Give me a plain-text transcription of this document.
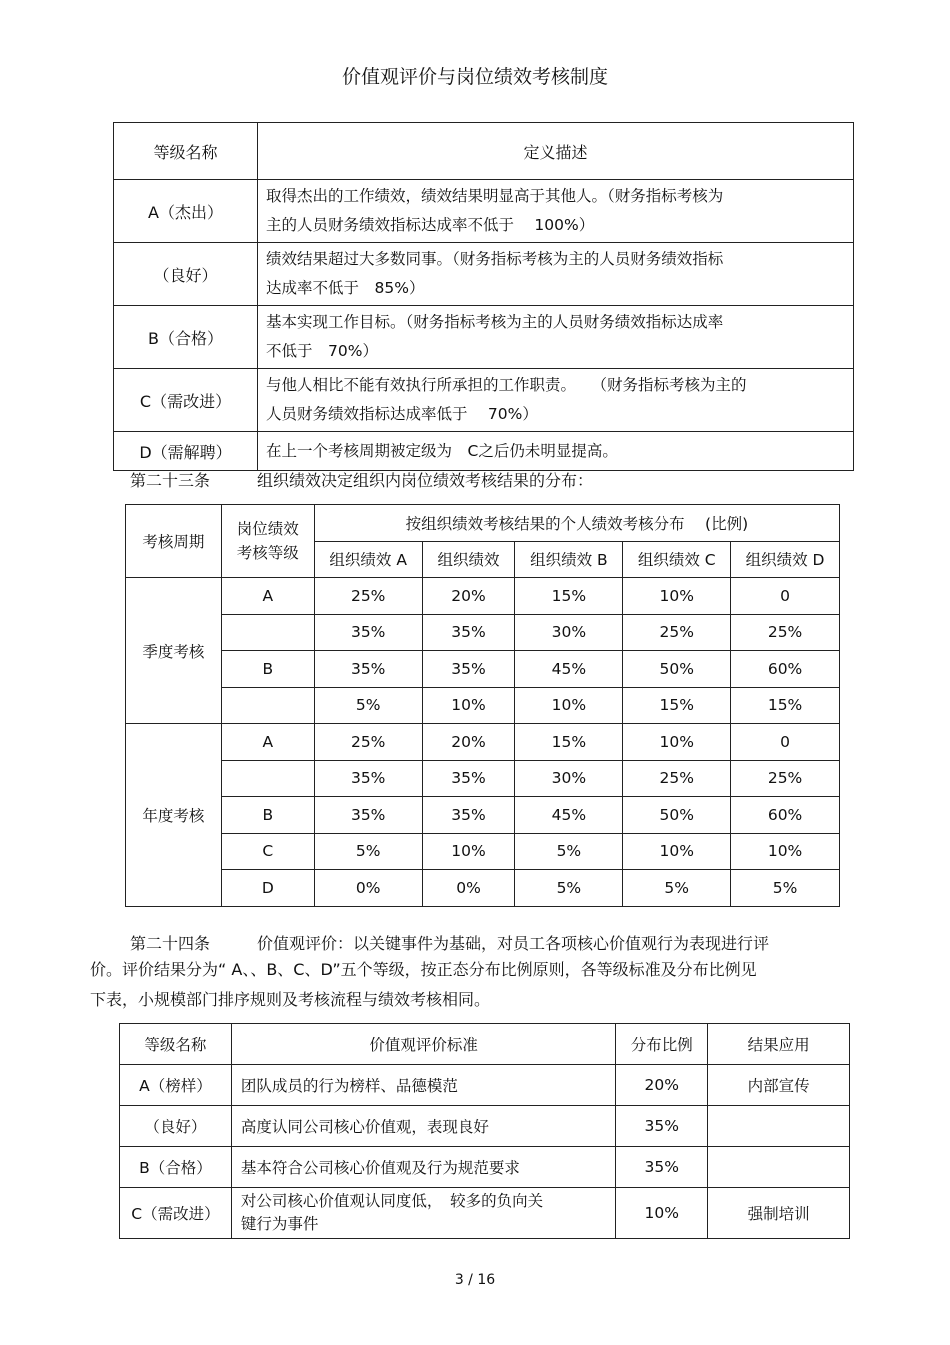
价值观评价与岗位绩效考核制度
等级名称	定义描述
A（杰出）	取得杰出的工作绩效，绩效结果明显高于其他人。（财务指标考核为
主的人员财务绩效指标达成率不低于　 100%）

（良好）	绩效结果超过大多数同事。（财务指标考核为主的人员财务绩效指标
达成率不低于　85%）

B（合格）	基本实现工作目标。（财务指标考核为主的人员财务绩效指标达成率
不低于　70%）

C（需改进）	与他人相比不能有效执行所承担的工作职责。　　（财务指标考核为主的
人员财务绩效指标达成率低于　 70%）

D（需解聘）	在上一个考核周期被定级为　C之后仍未明显提高。
第二十三条	组织绩效决定组织内岗位绩效考核结果的分布：
考核周期	岗位绩效考核等级	按组织绩效考核结果的个人绩效考核分布　 (比例)				
		组织绩效 A	组织绩效	组织绩效 B	组织绩效 C	组织绩效 D
季度考核	A	25%	20%	15%	10%	0
		35%	35%	30%	25%	25%
	B	35%	35%	45%	50%	60%
		5%	10%	10%	15%	15%
年度考核	A	25%	20%	15%	10%	0
		35%	35%	30%	25%	25%
	B	35%	35%	45%	50%	60%
	C	5%	10%	5%	10%	10%
	D	0%	0%	5%	5%	5%
第二十四条	价值观评价：以关键事件为基础，对员工各项核心价值观行为表现进行评
价。评价结果分为“ A、、B、C、D”五个等级，按正态分布比例原则，各等级标准及分布比例见
下表，小规模部门排序规则及考核流程与绩效考核相同。
等级名称	价值观评价标准	分布比例	结果应用
A（榜样）	团队成员的行为榜样、品德模范	20%	内部宣传
（良好）	高度认同公司核心价值观，表现良好	35%	
B（合格）	基本符合公司核心价值观及行为规范要求	35%	
C（需改进）	对公司核心价值观认同度低，　较多的负向关
键行为事件	10%	强制培训
3 / 16
